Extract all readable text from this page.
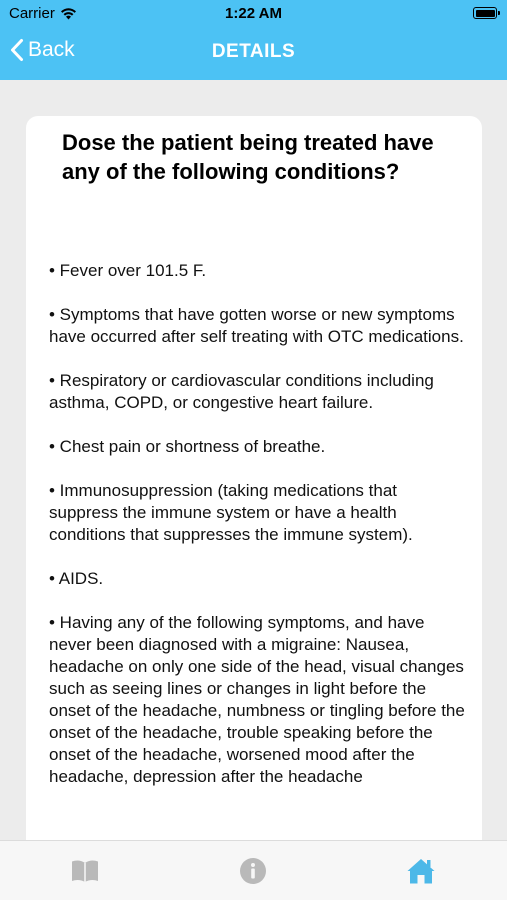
Carrier	1:22 AM
Back	DETAILS
Dose the patient being treated have any of the following conditions?
• Fever over 101.5 F.
• Symptoms that have gotten worse or new symptoms have occurred after self treating with OTC medications.
• Respiratory or cardiovascular conditions including asthma, COPD, or congestive heart failure.
• Chest pain or shortness of breathe.
• Immunosuppression (taking medications that suppress the immune system or have a health conditions that suppresses the immune system).
• AIDS.
• Having any of the following symptoms, and have never been diagnosed with a migraine: Nausea, headache on only one side of the head, visual changes such as seeing lines or changes in light before the onset of the headache, numbness or tingling before the onset of the headache, trouble speaking before the onset of the headache, worsened mood after the headache, depression after the headache
